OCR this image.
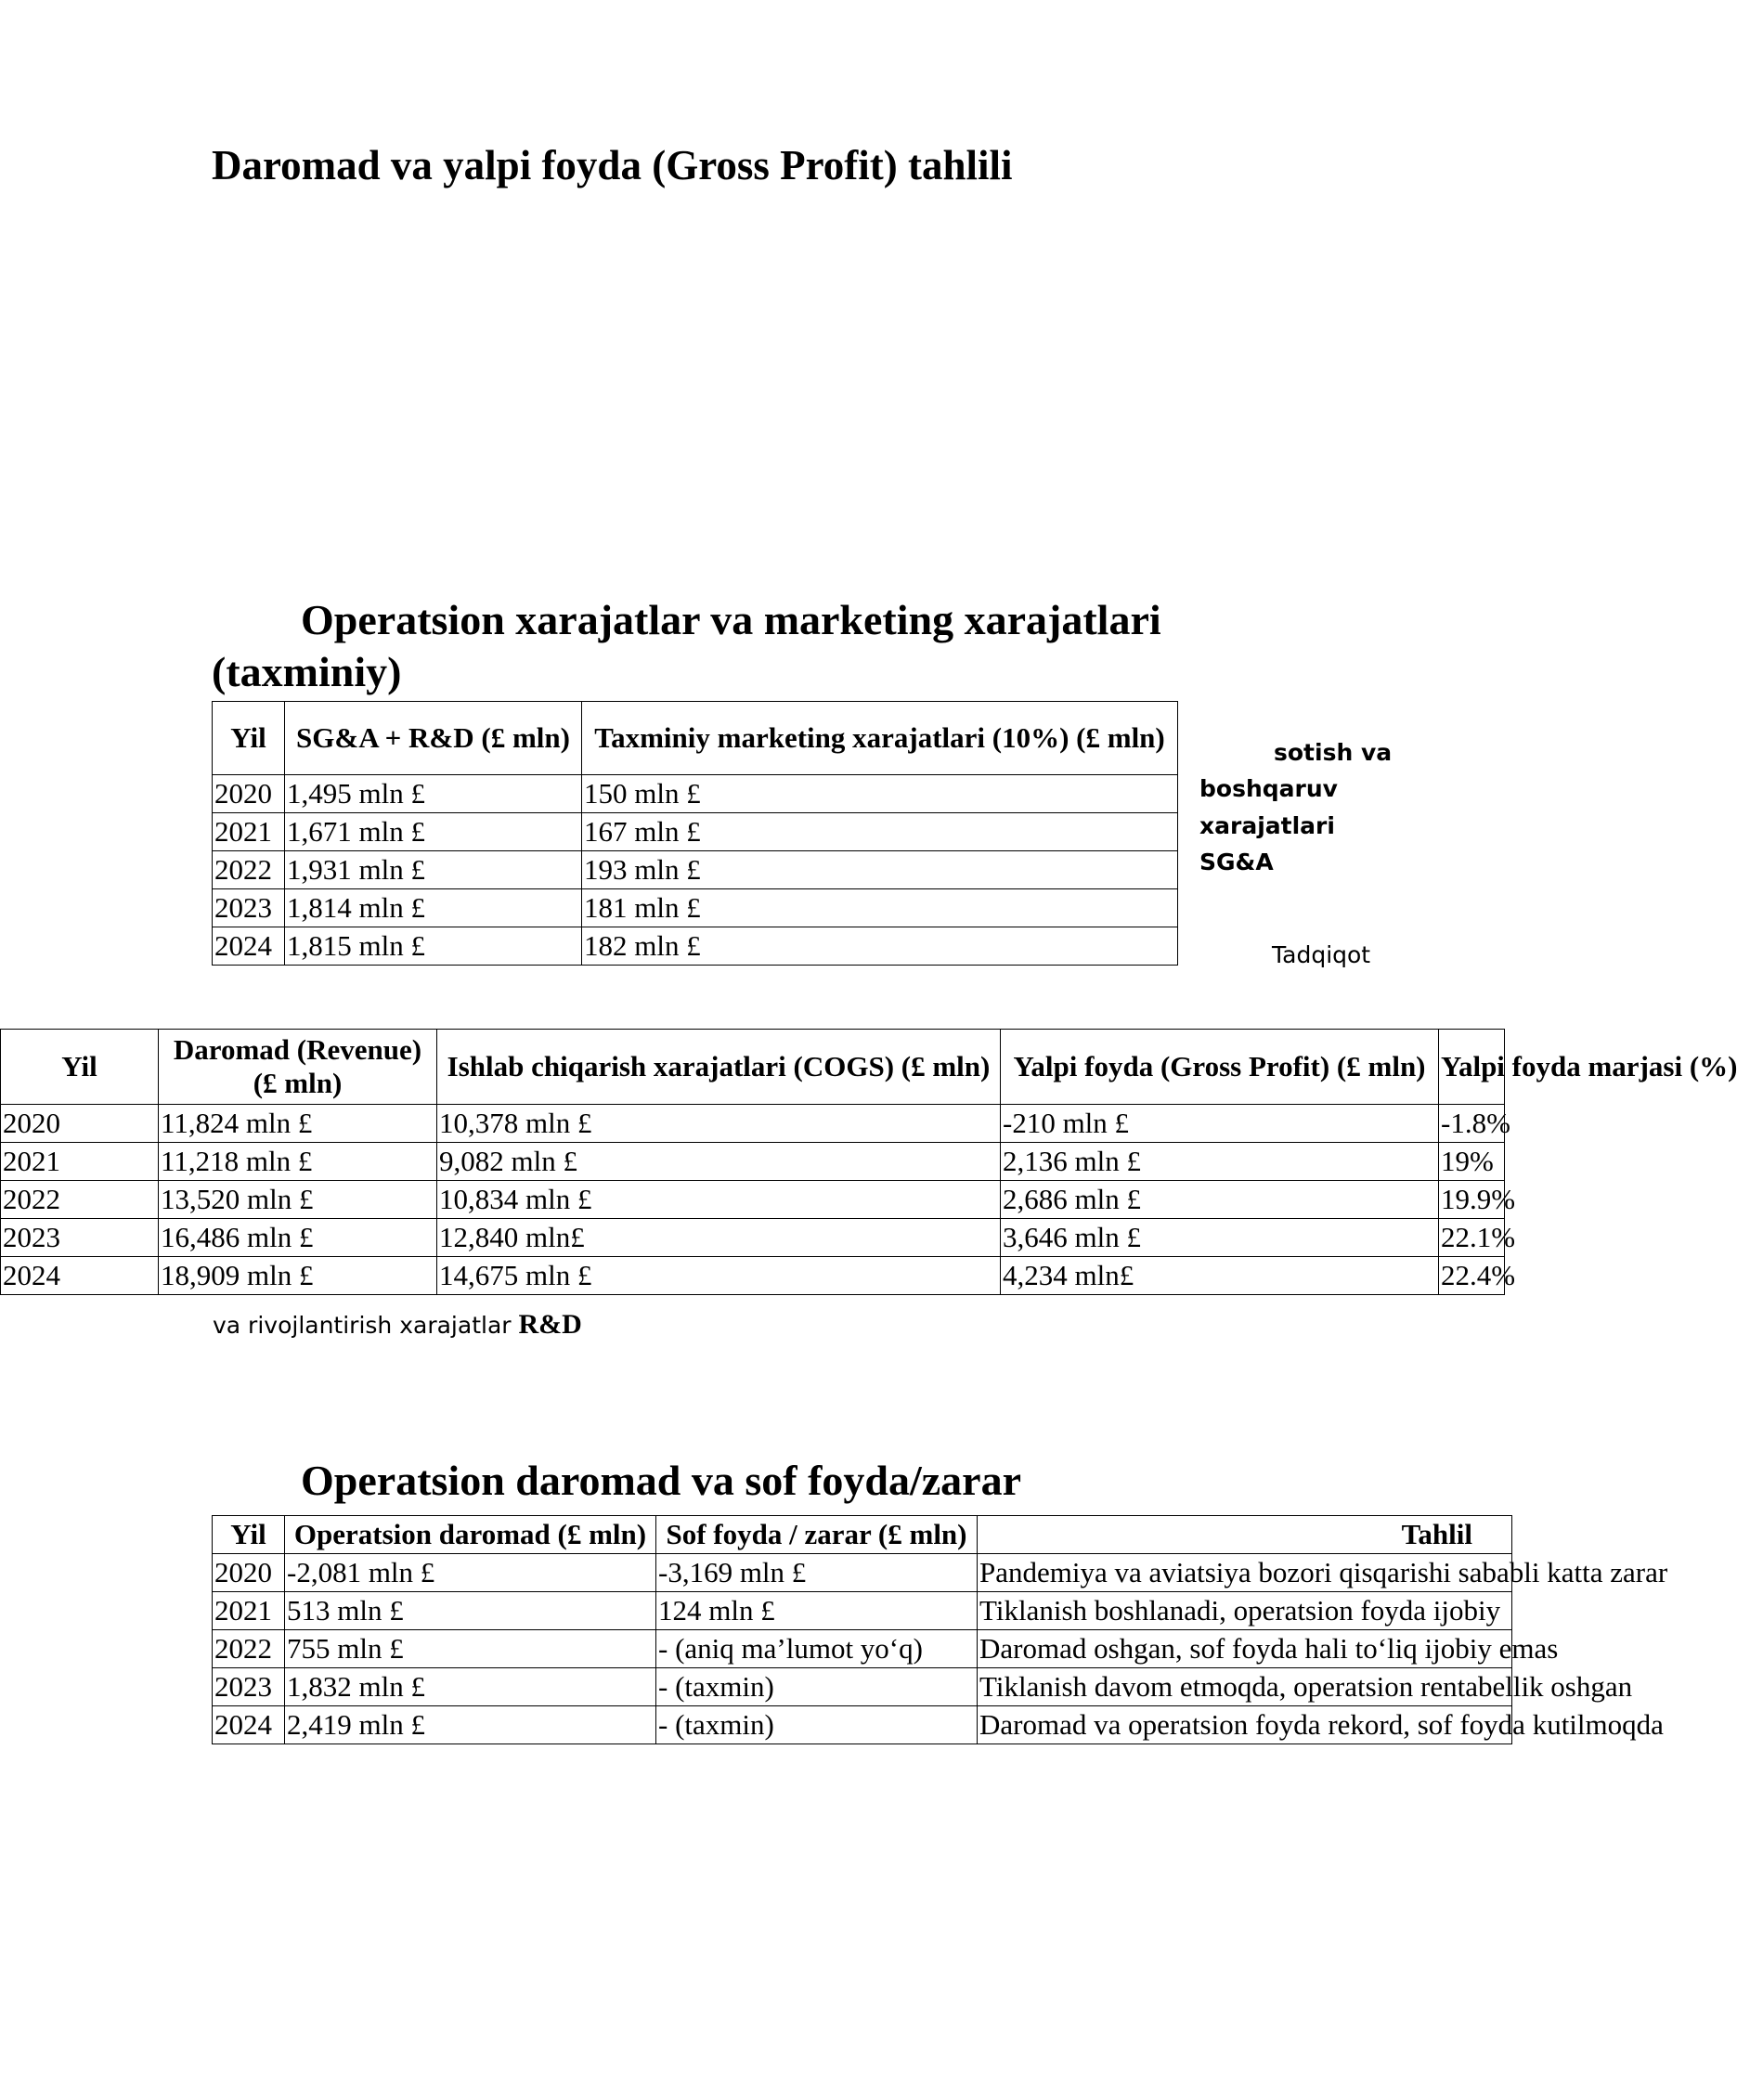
Daromad va yalpi foyda (Gross Profit) tahlili
Operatsion xarajatlar va marketing xarajatlari (taxminiy)
Yil	SG&A + R&D (£ mln)	Taxminiy marketing xarajatlari (10%) (£ mln)
2020	1,495 mln £	150 mln £
2021	1,671 mln £	167 mln £
2022	1,931 mln £	193 mln £
2023	1,814 mln £	181 mln £
2024	1,815 mln £	182 mln £
sotish va
boshqaruv
xarajatlari
SG&A
Tadqiqot
Yil	Daromad (Revenue) (£ mln)	Ishlab chiqarish xarajatlari (COGS) (£ mln)	Yalpi foyda (Gross Profit) (£ mln)	Yalpi foyda marjasi (%)
2020	11,824 mln £	10,378 mln £	-210 mln £	-1.8%
2021	11,218 mln £	9,082 mln £	2,136 mln £	19%
2022	13,520 mln £	10,834 mln £	2,686 mln £	19.9%
2023	16,486 mln £	12,840 mln£	3,646 mln £	22.1%
2024	18,909 mln £	14,675 mln £	4,234 mln£	22.4%
va rivojlantirish xarajatlar R&D
Operatsion daromad va sof foyda/zarar
Yil	Operatsion daromad (£ mln)	Sof foyda / zarar (£ mln)	Tahlil
2020	-2,081 mln £	-3,169 mln £	Pandemiya va aviatsiya bozori qisqarishi sababli katta zarar
2021	513 mln £	124 mln £	Tiklanish boshlanadi, operatsion foyda ijobiy
2022	755 mln £	- (aniq ma’lumot yo‘q)	Daromad oshgan, sof foyda hali to‘liq ijobiy emas
2023	1,832 mln £	- (taxmin)	Tiklanish davom etmoqda, operatsion rentabellik oshgan
2024	2,419 mln £	- (taxmin)	Daromad va operatsion foyda rekord, sof foyda kutilmoqda
